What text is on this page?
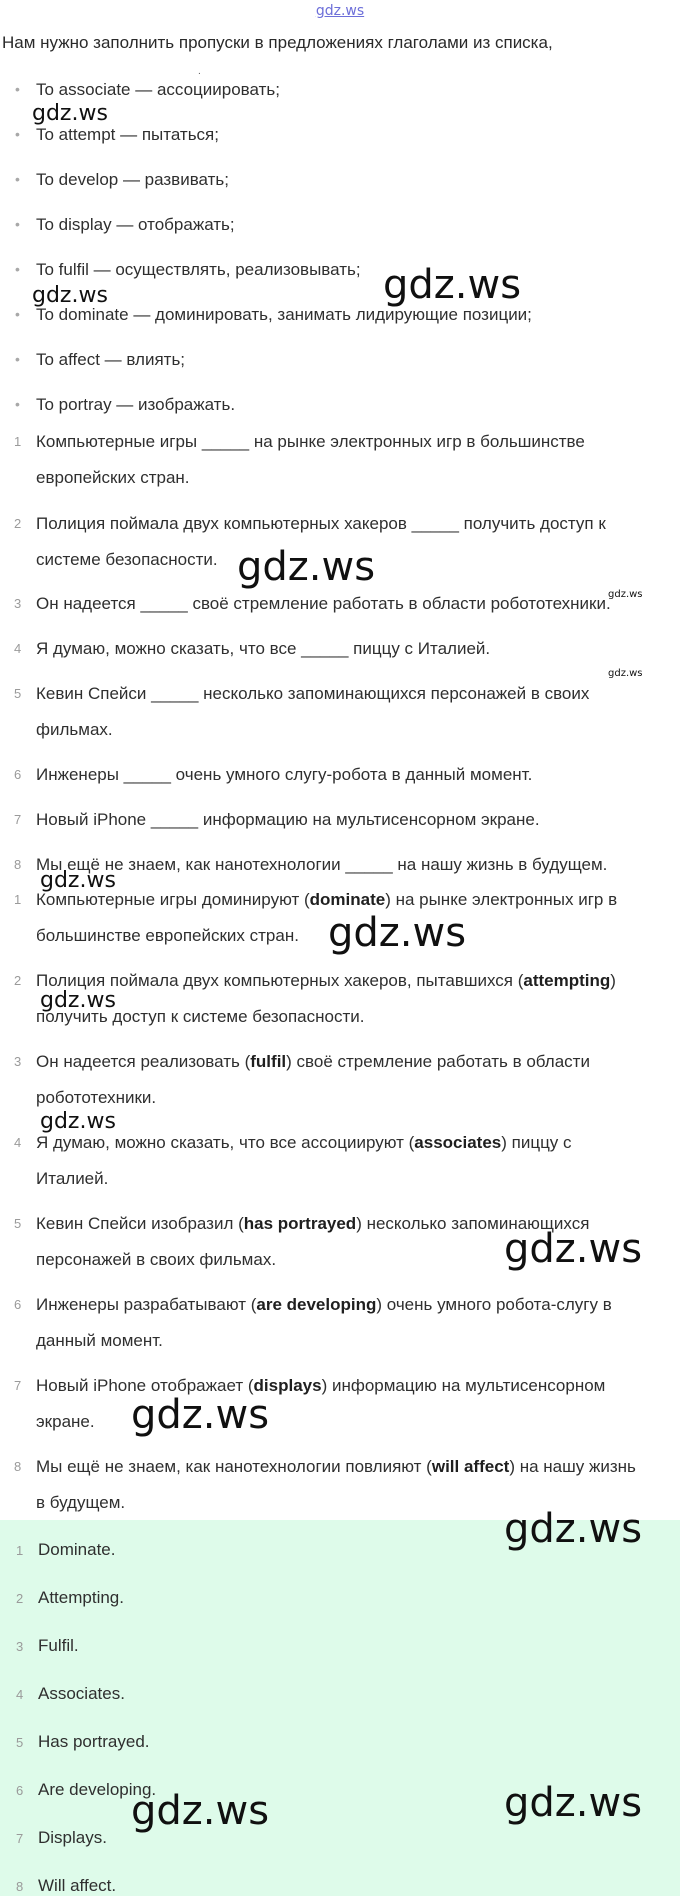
gdz.ws
Нам нужно заполнить пропуски в предложениях глаголами из списка,
.
• To associate — ассоциировать;
• To attempt — пытаться;
• To develop — развивать;
• To display — отображать;
• To fulfil — осуществлять, реализовывать;
• To dominate — доминировать, занимать лидирующие позиции;
• To affect — влиять;
• To portray — изображать.
1 Компьютерные игры _____ на рынке электронных игр в большинстве европейских стран.
2 Полиция поймала двух компьютерных хакеров _____ получить доступ к системе безопасности.
3 Он надеется _____ своё стремление работать в области робототехники.
4 Я думаю, можно сказать, что все _____ пиццу с Италией.
5 Кевин Спейси _____ несколько запоминающихся персонажей в своих фильмах.
6 Инженеры _____ очень умного слугу-робота в данный момент.
7 Новый iPhone _____ информацию на мультисенсорном экране.
8 Мы ещё не знаем, как нанотехнологии _____ на нашу жизнь в будущем.
1 Компьютерные игры доминируют (dominate) на рынке электронных игр в большинстве европейских стран.
2 Полиция поймала двух компьютерных хакеров, пытавшихся (attempting) получить доступ к системе безопасности.
3 Он надеется реализовать (fulfil) своё стремление работать в области робототехники.
4 Я думаю, можно сказать, что все ассоциируют (associates) пиццу с Италией.
5 Кевин Спейси изобразил (has portrayed) несколько запоминающихся персонажей в своих фильмах.
6 Инженеры разрабатывают (are developing) очень умного робота-слугу в данный момент.
7 Новый iPhone отображает (displays) информацию на мультисенсорном экране.
8 Мы ещё не знаем, как нанотехнологии повлияют (will affect) на нашу жизнь в будущем.
1 Dominate.
2 Attempting.
3 Fulfil.
4 Associates.
5 Has portrayed.
6 Are developing.
7 Displays.
8 Will affect.
gdz.ws
gdz.ws	gdz.ws
gdz.ws
gdz.ws
gdz.ws
gdz.ws
gdz.ws
gdz.ws
gdz.ws
gdz.ws
gdz.ws
gdz.ws
gdz.ws	gdz.ws
